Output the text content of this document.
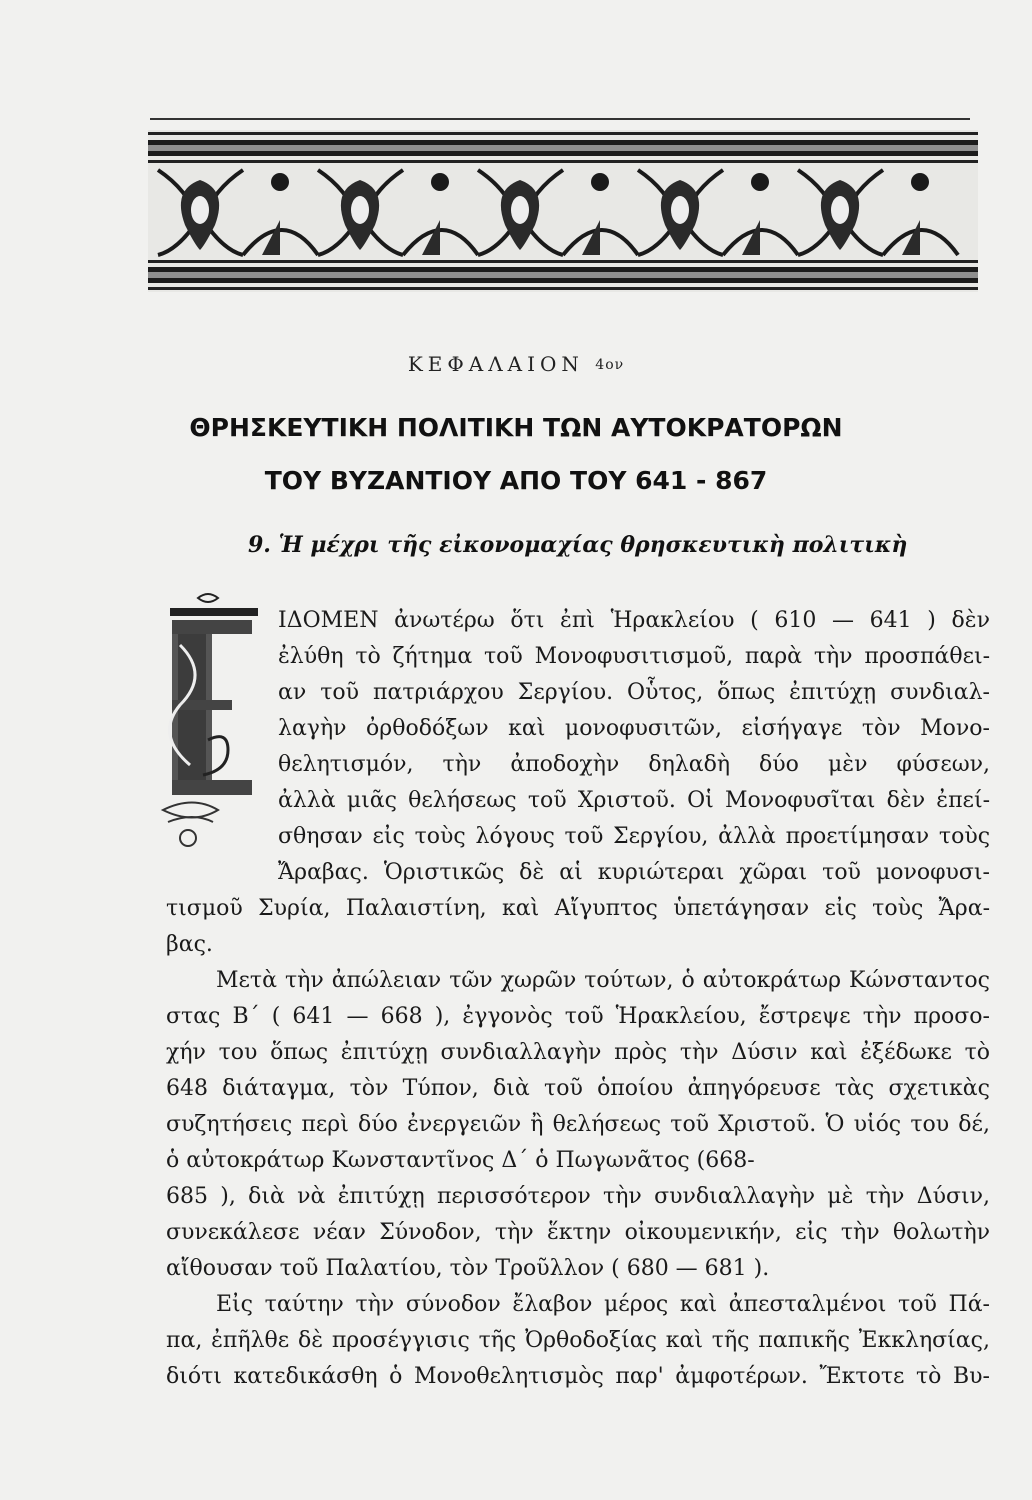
ΚΕΦΑΛΑΙΟΝ 4ον
ΘΡΗΣΚΕΥΤΙΚΗ ΠΟΛΙΤΙΚΗ ΤΩΝ ΑΥΤΟΚΡΑΤΟΡΩΝ
ΤΟΥ ΒΥΖΑΝΤΙΟΥ ΑΠΟ ΤΟΥ 641 - 867
9. Ἡ μέχρι τῆς εἰκονομαχίας θρησκευτικὴ πολιτικὴ
ΙΔΟΜΕΝ ἀνωτέρω ὅτι ἐπὶ Ἡρακλείου ( 610 — 641 ) δὲν
ἐλύθη τὸ ζήτημα τοῦ Μονοφυσιτισμοῦ, παρὰ τὴν προσπάθει-
αν τοῦ πατριάρχου Σεργίου. Οὗτος, ὅπως ἐπιτύχῃ συνδιαλ-
λαγὴν ὀρθοδόξων καὶ μονοφυσιτῶν, εἰσήγαγε τὸν Μονο-
θελητισμόν, τὴν ἀποδοχὴν δηλαδὴ δύο μὲν φύσεων,
ἀλλὰ μιᾶς θελήσεως τοῦ Χριστοῦ. Οἱ Μονοφυσῖται δὲν ἐπεί-
σθησαν εἰς τοὺς λόγους τοῦ Σεργίου, ἀλλὰ προετίμησαν τοὺς
Ἄραβας. Ὁριστικῶς δὲ αἱ κυριώτεραι χῶραι τοῦ μονοφυσι-
τισμοῦ Συρία, Παλαιστίνη, καὶ Αἴγυπτος ὑπετάγησαν εἰς τοὺς Ἄρα-
βας.
Μετὰ τὴν ἀπώλειαν τῶν χωρῶν τούτων, ὁ αὐτοκράτωρ Κώνσταντος
στας Β΄ ( 641 — 668 ), ἐγγονὸς τοῦ Ἡρακλείου, ἔστρεψε τὴν προσο-
χήν του ὅπως ἐπιτύχῃ συνδιαλλαγὴν πρὸς τὴν Δύσιν καὶ ἐξέδωκε τὸ
648 διάταγμα, τὸν Τύπον, διὰ τοῦ ὁποίου ἀπηγόρευσε τὰς σχετικὰς
συζητήσεις περὶ δύο ἐνεργειῶν ἢ θελήσεως τοῦ Χριστοῦ. Ὁ υἱός του δέ,
ὁ αὐτοκράτωρ Κωνσταντῖνος Δ΄ ὁ Πωγωνᾶτος (668-
685 ), διὰ νὰ ἐπιτύχῃ περισσότερον τὴν συνδιαλλαγὴν μὲ τὴν Δύσιν,
συνεκάλεσε νέαν Σύνοδον, τὴν ἕκτην οἰκουμενικήν, εἰς τὴν θολωτὴν
αἴθουσαν τοῦ Παλατίου, τὸν Τροῦλλον ( 680 — 681 ).
Εἰς ταύτην τὴν σύνοδον ἔλαβον μέρος καὶ ἀπεσταλμένοι τοῦ Πά-
πα, ἐπῆλθε δὲ προσέγγισις τῆς Ὀρθοδοξίας καὶ τῆς παπικῆς Ἐκκλησίας,
διότι κατεδικάσθη ὁ Μονοθελητισμὸς παρ' ἀμφοτέρων. Ἔκτοτε τὸ Βυ-
